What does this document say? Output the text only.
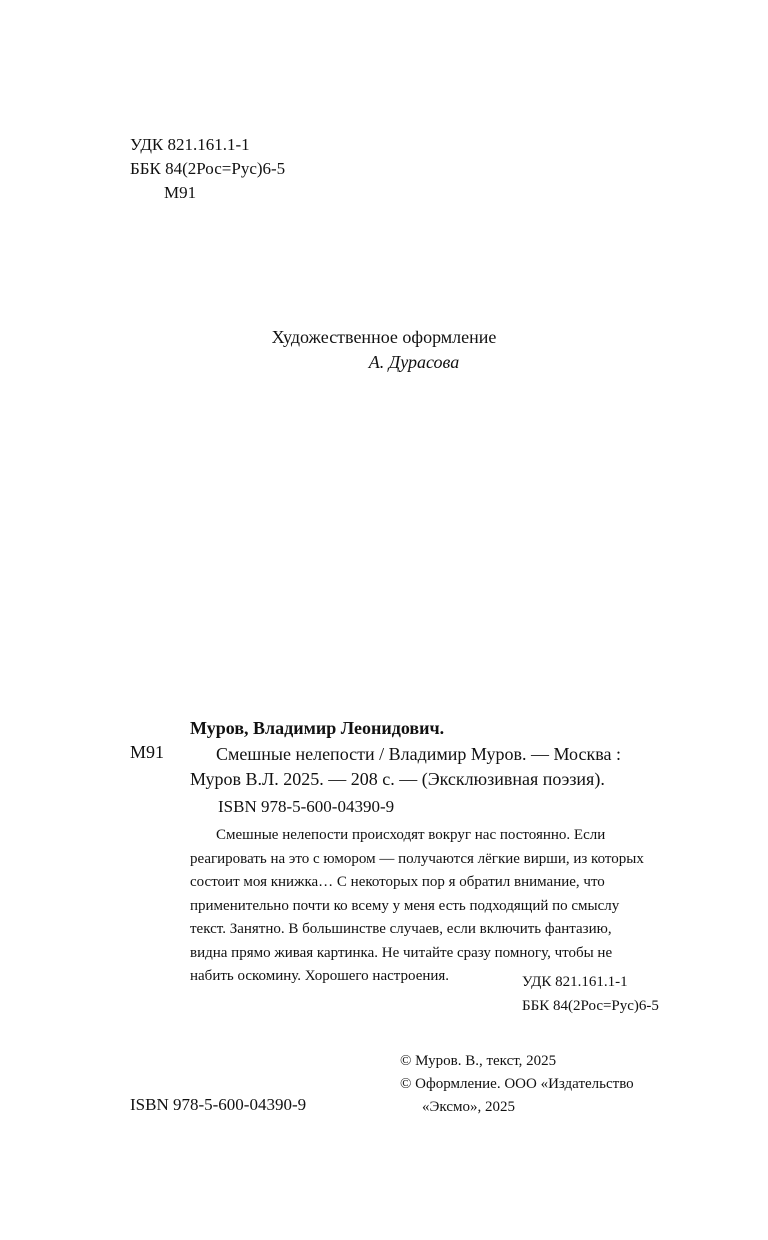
УДК 821.161.1-1
ББК 84(2Рос=Рус)6-5
М91
Художественное оформление
А. Дурасова
Муров, Владимир Леонидович.
М91	Смешные нелепости / Владимир Муров. — Москва :
Муров В.Л. 2025. — 208 с. — (Эксклюзивная поэзия).
ISBN 978-5-600-04390-9
Смешные нелепости происходят вокруг нас постоянно. Если
реагировать на это с юмором — получаются лёгкие вирши, из которых
состоит моя книжка… С некоторых пор я обратил внимание, что
применительно почти ко всему у меня есть подходящий по смыслу
текст. Занятно. В большинстве случаев, если включить фантазию,
видна прямо живая картинка. Не читайте сразу помногу, чтобы не
набить оскомину. Хорошего настроения.	УДК 821.161.1-1
ББК 84(2Рос=Рус)6-5
© Муров. В., текст, 2025
© Оформление. ООО «Издательство
«Эксмо», 2025
ISBN 978-5-600-04390-9
